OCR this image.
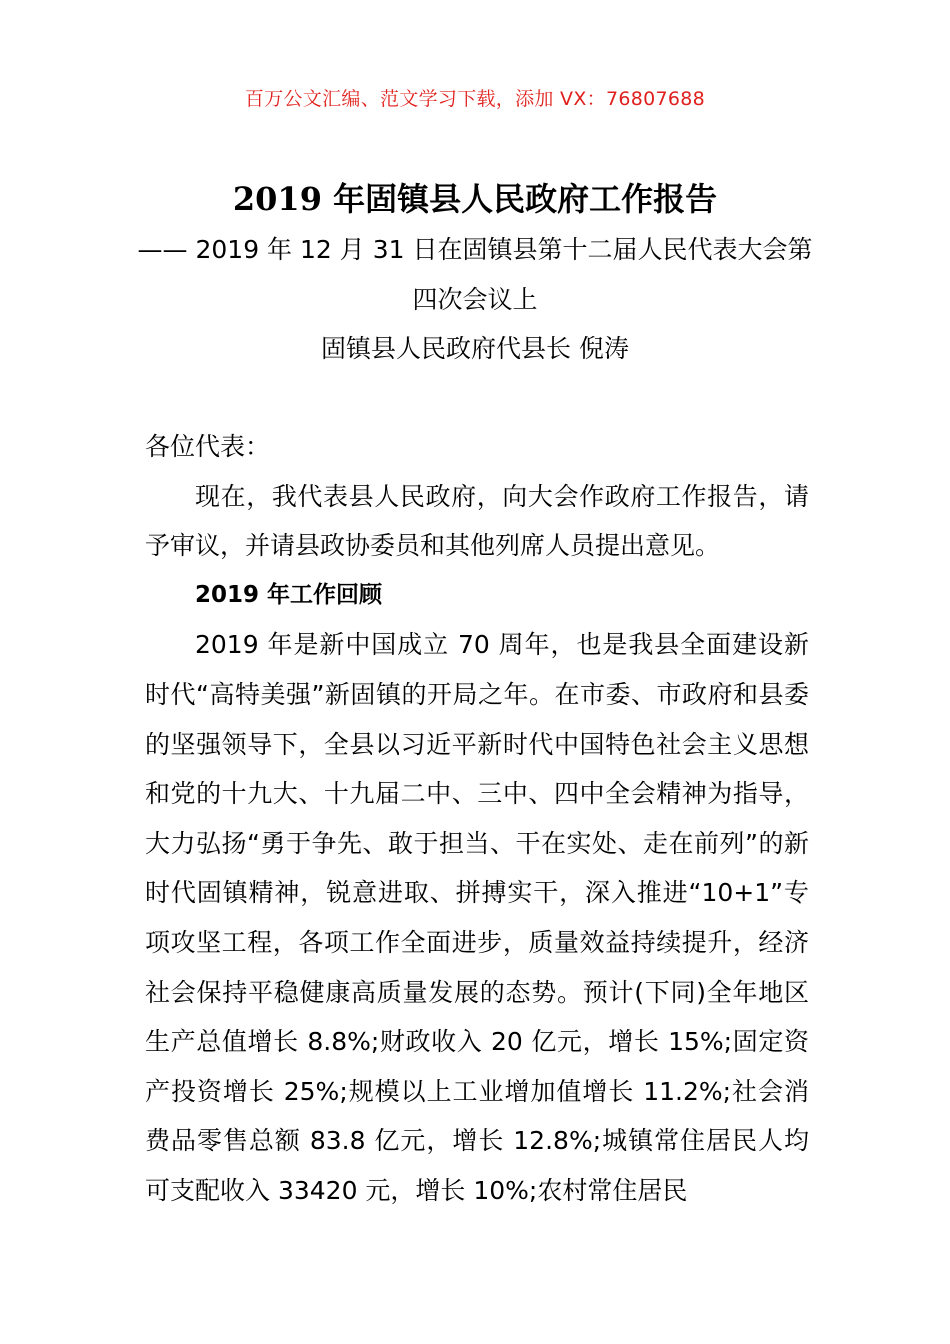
百万公文汇编、范文学习下载，添加 VX：76807688
2019 年固镇县人民政府工作报告
—— 2019 年 12 月 31 日在固镇县第十二届人民代表大会第
四次会议上
固镇县人民政府代县长 倪涛

各位代表：

现在，我代表县人民政府，向大会作政府工作报告，请予审议，并请县政协委员和其他列席人员提出意见。

2019 年工作回顾

2019 年是新中国成立 70 周年，也是我县全面建设新时代“高特美强”新固镇的开局之年。在市委、市政府和县委的坚强领导下，全县以习近平新时代中国特色社会主义思想和党的十九大、十九届二中、三中、四中全会精神为指导，大力弘扬“勇于争先、敢于担当、干在实处、走在前列”的新时代固镇精神，锐意进取、拼搏实干，深入推进“10+1”专项攻坚工程，各项工作全面进步，质量效益持续提升，经济社会保持平稳健康高质量发展的态势。预计(下同)全年地区生产总值增长 8.8%;财政收入 20 亿元，增长 15%;固定资产投资增长 25%;规模以上工业增加值增长 11.2%;社会消费品零售总额 83.8 亿元，增长 12.8%;城镇常住居民人均可支配收入 33420 元，增长 10%;农村常住居民
